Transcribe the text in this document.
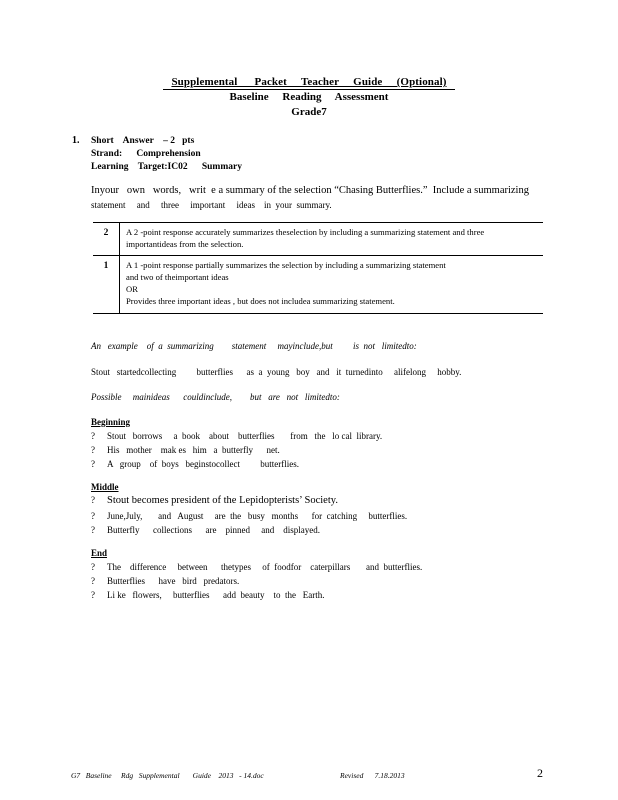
Supplemental      Packet     Teacher     Guide     (Optional)
Baseline     Reading     Assessment
Grade7
1. Short    Answer    – 2   pts
Strand:      Comprehension
Learning    Target:IC02      Summary
Inyour   own   words,   writ  e a summary of the selection “Chasing Butterflies.”  Include a summarizing
statement     and     three     important     ideas    in  your  summary.
2	A 2 -point response accurately summarizes theselection by including a summarizing statement and three importantideas from the selection.
1	A 1 -point response partially summarizes the selection by including a summarizing statement
and two of theimportant ideas
OR
Provides three important ideas , but does not includea summarizing statement.
An   example    of  a  summarizing        statement     mayinclude,but         is  not   limitedto:
Stout   startedcollecting         butterflies      as  a  young   boy   and   it  turnedinto     alifelong     hobby.
Possible     mainideas      couldinclude,        but   are   not   limitedto:
Beginning
? Stout   borrows     a  book    about    butterflies       from   the   lo cal  library.
? His   mother    mak es   him   a  butterfly      net.
? A   group    of  boys   beginstocollect         butterflies.
Middle
? Stout becomes president of the Lepidopterists’ Society.
? June,July,       and   August     are  the   busy   months      for  catching     butterflies.
? Butterfly      collections      are    pinned     and    displayed.
End
? The    difference     between      thetypes     of  foodfor    caterpillars       and  butterflies.
? Butterflies      have   bird   predators.
? Li ke   flowers,     butterflies      add  beauty    to  the   Earth.
G7   Baseline     Rdg   Supplemental       Guide    2013   - 14.doc	Revised      7.18.2013	2
